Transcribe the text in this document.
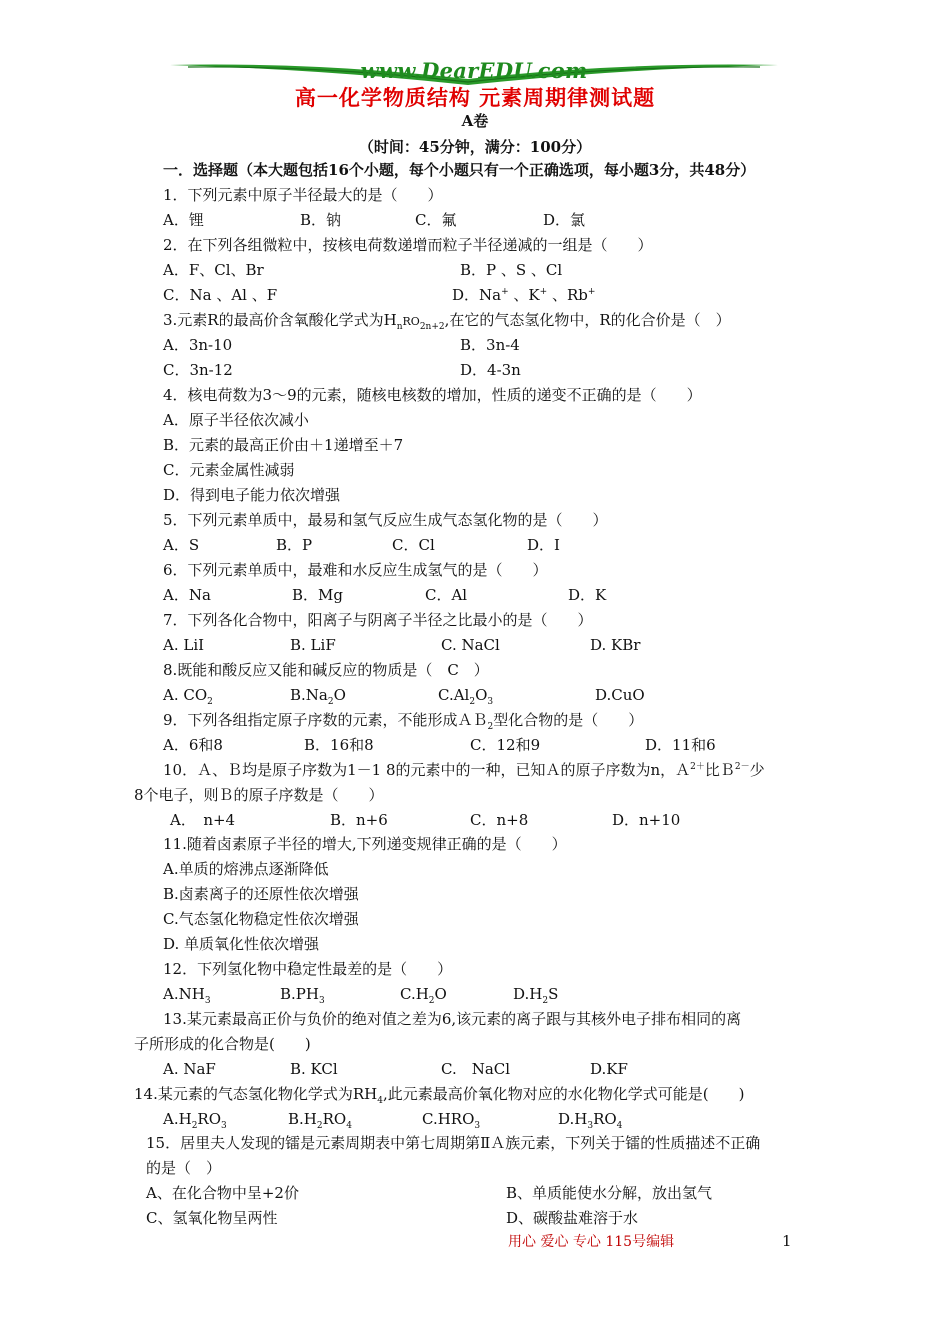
www.DearEDU.com
高一化学物质结构 元素周期律测试题
A卷
（时间：45分钟，满分：100分）
一．选择题（本大题包括16个小题，每个小题只有一个正确选项，每小题3分，共48分）
1．下列元素中原子半径最大的是（　　）
A．锂	B．钠	C．氟	D．氯
2．在下列各组微粒中，按核电荷数递增而粒子半径递减的一组是（　　）
A．F、Cl、Br	B．P 、S 、Cl
C．Na 、Al 、F	D．Na+ 、K+ 、Rb+
3.元素R的最高价含氧酸化学式为$H_nRO_{2n+2}$,在它的气态氢化物中，R的化合价是（　）
A．3n-10	B．3n-4
C．3n-12	D．4-3n
4．核电荷数为3～9的元素，随核电核数的增加，性质的递变不正确的是（　　）
A．原子半径依次减小
B．元素的最高正价由＋1递增至＋7
C．元素金属性减弱
D．得到电子能力依次增强
5．下列元素单质中，最易和氢气反应生成气态氢化物的是（　　）
A．S	B．P	C．Cl	D．I
6．下列元素单质中，最难和水反应生成氢气的是（　　）
A．Na	B．Mg	C．Al	D．K
7．下列各化合物中，阳离子与阴离子半径之比最小的是（　　）
A. LiI	B. LiF	C. NaCl	D. KBr
8.既能和酸反应又能和碱反应的物质是（　C　）
A. $CO_2$	$B.Na_2O$	$C.Al_2O_3$	D.CuO
9．下列各组指定原子序数的元素，不能形成ＡＢ$_2$型化合物的是（　　）
A．6和8	B．16和8	C．12和9	D．11和6
10．Ａ、Ｂ均是原子序数为1－1 8的元素中的一种，已知Ａ的原子序数为n，Ａ$^{2+}$比Ｂ$^{2-}$少
8个电子，则Ｂ的原子序数是（　　）
A．　n+4	B．n+6	C．n+8	D．n+10
11.随着卤素原子半径的增大,下列递变规律正确的是（　　）
A.单质的熔沸点逐渐降低
B.卤素离子的还原性依次增强
C.气态氢化物稳定性依次增强
D. 单质氧化性依次增强
12．下列氢化物中稳定性最差的是（　　）
$A.NH_3$	$B.PH_3$	$C.H_2O$	$D.H_2S$
13.某元素最高正价与负价的绝对值之差为6,该元素的离子跟与其核外电子排布相同的离
子所形成的化合物是(　　)
A. NaF	B. KCl	C.　NaCl	D.KF
14.某元素的气态氢化物化学式为$RH_4$,此元素最高价氧化物对应的水化物化学式可能是(　　)
$A.H_2RO_3$	$B.H_2RO_4$	$C.HRO_3$	$D.H_3RO_4$
15．居里夫人发现的镭是元素周期表中第七周期第ⅡＡ族元素，下列关于镭的性质描述不正确
的是（　）
A、在化合物中呈+2价	B、单质能使水分解，放出氢气
C、氢氧化物呈两性	D、碳酸盐难溶于水
用心 爱心 专心 115号编辑	1
